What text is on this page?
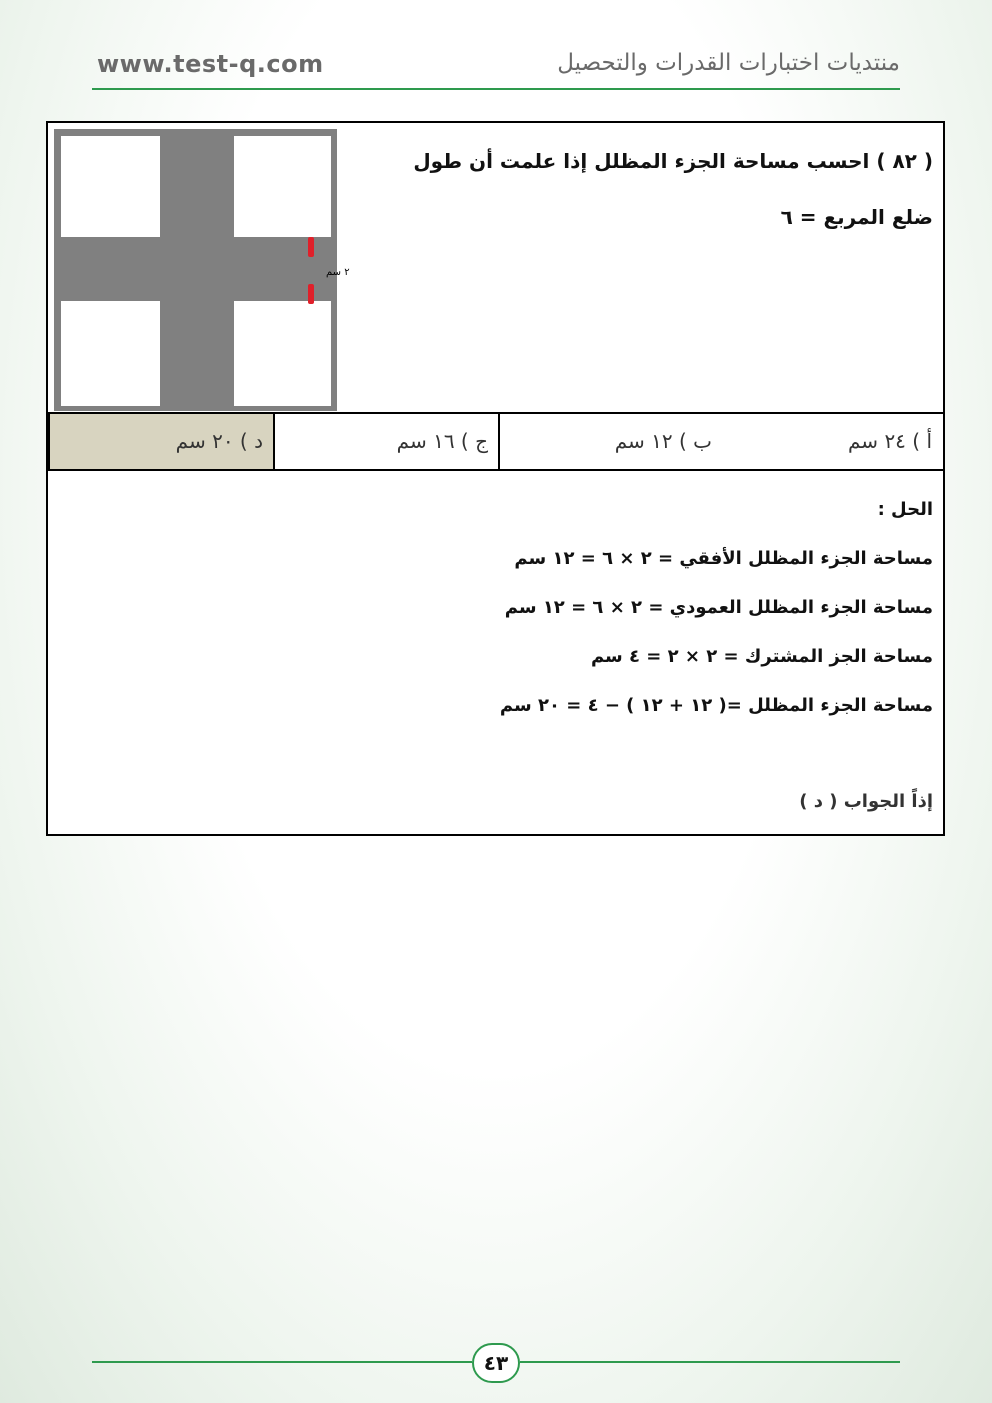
www.test-q.com	منتديات اختبارات القدرات والتحصيل
( ٨٢ ) احسب مساحة الجزء المظلل إذا علمت أن طول
ضلع المربع = ٦
٢ سم
د ) ٢٠ سم	ج ) ١٦ سم	ب ) ١٢ سم	أ ) ٢٤ سم
الحل :
مساحة الجزء المظلل الأفقي = ٢ × ٦ = ١٢ سم
مساحة الجزء المظلل العمودي = ٢ × ٦ = ١٢ سم
مساحة الجز المشترك = ٢ × ٢ = ٤ سم
مساحة الجزء المظلل =( ١٢ + ١٢ ) − ٤ = ٢٠ سم
إذاً الجواب ( د )
٤٣
